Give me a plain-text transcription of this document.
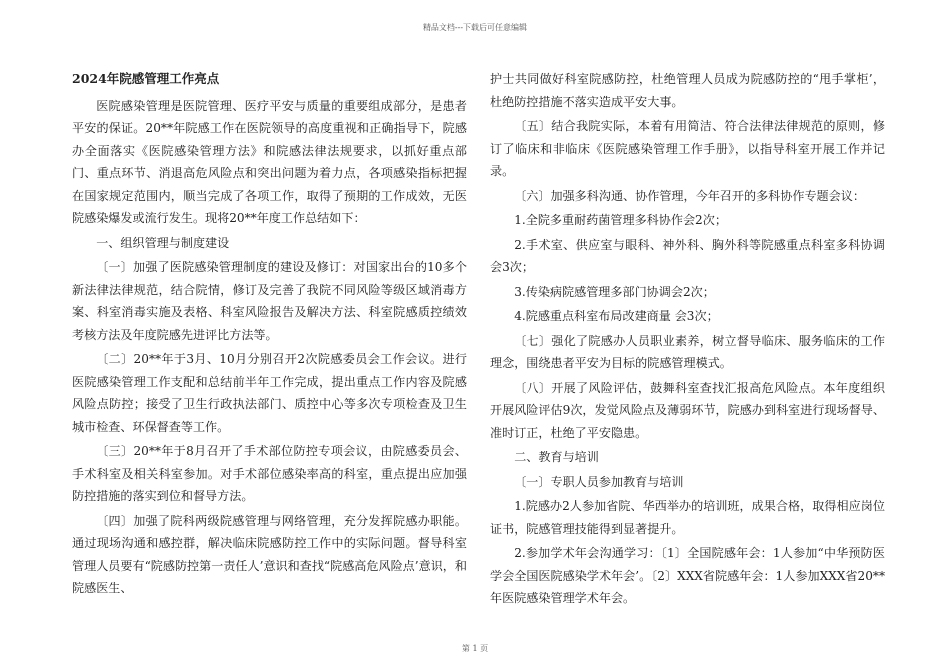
精品文档---下载后可任意编辑

2024年院感管理工作亮点

医院感染管理是医院管理、医疗平安与质量的重要组成部分，是患者平安的保证。20**年院感工作在医院领导的高度重视和正确指导下，院感办全面落实《医院感染管理方法》和院感法律法规要求，以抓好重点部门、重点环节、消退高危风险点和突出问题为着力点，各项感染指标把握在国家规定范围内，顺当完成了各项工作，取得了预期的工作成效，无医院感染爆发或流行发生。现将20**年度工作总结如下：

一、组织管理与制度建设

〔一〕加强了医院感染管理制度的建设及修订：对国家出台的10多个新法律法律规范，结合院情，修订及完善了我院不同风险等级区域消毒方案、科室消毒实施及表格、科室风险报告及解决方法、科室院感质控绩效考核方法及年度院感先进评比方法等。

〔二〕20**年于3月、10月分别召开2次院感委员会工作会议。进行医院感染管理工作支配和总结前半年工作完成，提出重点工作内容及院感风险点防控；接受了卫生行政执法部门、质控中心等多次专项检查及卫生城市检查、环保督查等工作。

〔三〕20**年于8月召开了手术部位防控专项会议，由院感委员会、手术科室及相关科室参加。对手术部位感染率高的科室，重点提出应加强防控措施的落实到位和督导方法。

〔四〕加强了院科两级院感管理与网络管理，充分发挥院感办职能。通过现场沟通和感控群，解决临床院感防控工作中的实际问题。督导科室管理人员要有“院感防控第一责任人’意识和查找“院感高危风险点’意识，和院感医生、

护士共同做好科室院感防控，杜绝管理人员成为院感防控的“甩手掌柜’，杜绝防控措施不落实造成平安大事。

〔五〕结合我院实际，本着有用简洁、符合法律法律规范的原则，修订了临床和非临床《医院感染管理工作手册》，以指导科室开展工作并记录。

〔六〕加强多科沟通、协作管理，今年召开的多科协作专题会议：

1.全院多重耐药菌管理多科协作会2次；

2.手术室、供应室与眼科、神外科、胸外科等院感重点科室多科协调会3次；

3.传染病院感管理多部门协调会2次；

4.院感重点科室布局改建商量 会3次；

〔七〕强化了院感办人员职业素养，树立督导临床、服务临床的工作理念，围绕患者平安为目标的院感管理模式。

〔八〕开展了风险评估，鼓舞科室查找汇报高危风险点。本年度组织开展风险评估9次，发觉风险点及薄弱环节，院感办到科室进行现场督导、准时订正，杜绝了平安隐患。

二、教育与培训

〔一〕专职人员参加教育与培训

1.院感办2人参加省院、华西举办的培训班，成果合格，取得相应岗位证书，院感管理技能得到显著提升。

2.参加学术年会沟通学习：〔1〕全国院感年会：1人参加“中华预防医学会全国医院感染学术年会’。〔2〕XXX省院感年会：1人参加XXX省20**年医院感染管理学术年会。

第 1 页
